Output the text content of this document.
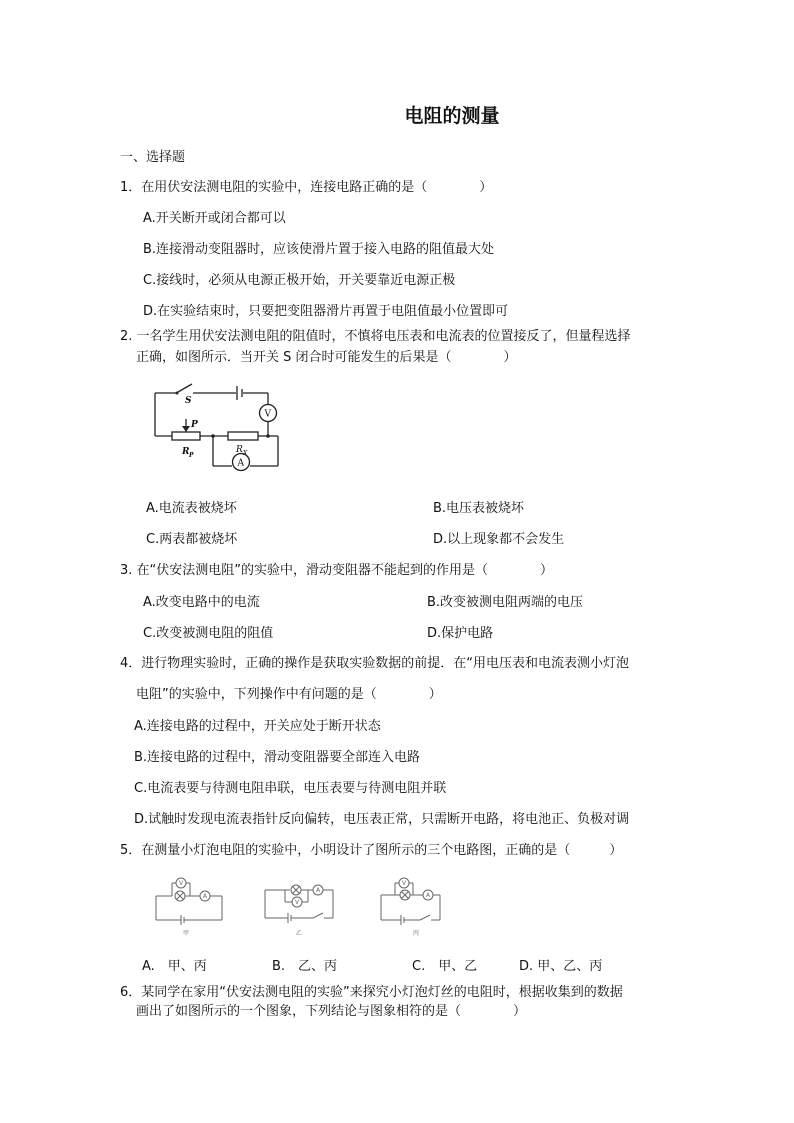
电阻的测量
一、选择题
1．在用伏安法测电阻的实验中，连接电路正确的是（　　　　）
A.开关断开或闭合都可以
B.连接滑动变阻器时，应该使滑片置于接入电路的阻值最大处
C.接线时，必须从电源正极开始，开关要靠近电源正极
D.在实验结束时，只要把变阻器滑片再置于电阻值最小位置即可
2. 一名学生用伏安法测电阻的阻值时，不慎将电压表和电流表的位置接反了，但量程选择
正确，如图所示．当开关 S 闭合时可能发生的后果是（　　　　）
S
V
P
R P
R X
A
A.电流表被烧坏	B.电压表被烧坏
C.两表都被烧坏	D.以上现象都不会发生
3. 在“伏安法测电阻”的实验中，滑动变阻器不能起到的作用是（　　　　）
A.改变电路中的电流	B.改变被测电阻两端的电压
C.改变被测电阻的阻值	D.保护电路
4．进行物理实验时，正确的操作是获取实验数据的前提．在“用电压表和电流表测小灯泡
电阻”的实验中，下列操作中有问题的是（　　　　）
A.连接电路的过程中，开关应处于断开状态
B.连接电路的过程中，滑动变阻器要全部连入电路
C.电流表要与待测电阻串联，电压表要与待测电阻并联
D.试触时发现电流表指针反向偏转，电压表正常，只需断开电路，将电池正、负极对调
5．在测量小灯泡电阻的实验中，小明设计了图所示的三个电路图，正确的是（　　　）
A
V
甲
A
V
乙
A
V
丙
A.　甲、丙	B.　乙、丙	C.　甲、乙	D. 甲、乙、丙
6．某同学在家用“伏安法测电阻的实验”来探究小灯泡灯丝的电阻时，根据收集到的数据
画出了如图所示的一个图象，下列结论与图象相符的是（　　　　）
